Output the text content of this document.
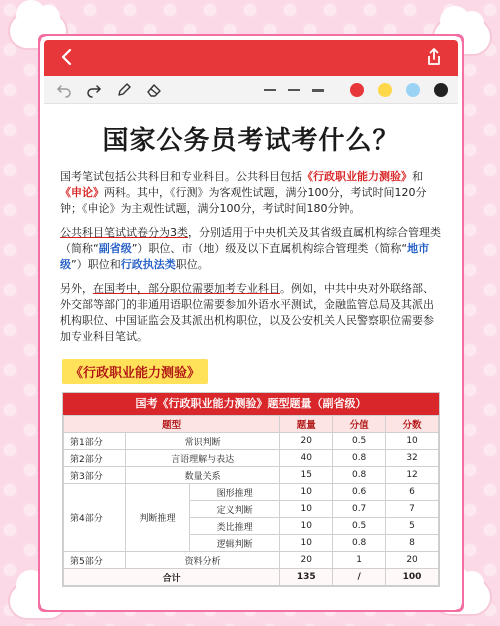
国家公务员考试考什么？

国考笔试包括公共科目和专业科目。公共科目包括《行政职业能力测验》和《申论》两科。其中，《行测》为客观性试题，满分100分，考试时间120分钟；《申论》为主观性试题，满分100分，考试时间180分钟。

公共科目笔试试卷分为3类，分别适用于中央机关及其省级直属机构综合管理类（简称“副省级”）职位、市（地）级及以下直属机构综合管理类（简称“地市级”）职位和行政执法类职位。

另外，在国考中，部分职位需要加考专业科目。例如，中共中央对外联络部、外交部等部门的非通用语职位需要参加外语水平测试，金融监管总局及其派出机构职位、中国证监会及其派出机构职位，以及公安机关人民警察职位需要参加专业科目笔试。

《行政职业能力测验》
国考《行政职业能力测验》题型题量（副省级）
题型			题量	分值	分数
第1部分	常识判断		20	0.5	10
第2部分	言语理解与表达		40	0.8	32
第3部分	数量关系		15	0.8	12
第4部分	判断推理	图形推理	10	0.6	6
		定义判断	10	0.7	7
		类比推理	10	0.5	5
		逻辑判断	10	0.8	8
第5部分	资料分析		20	1	20
合计			135	/	100
